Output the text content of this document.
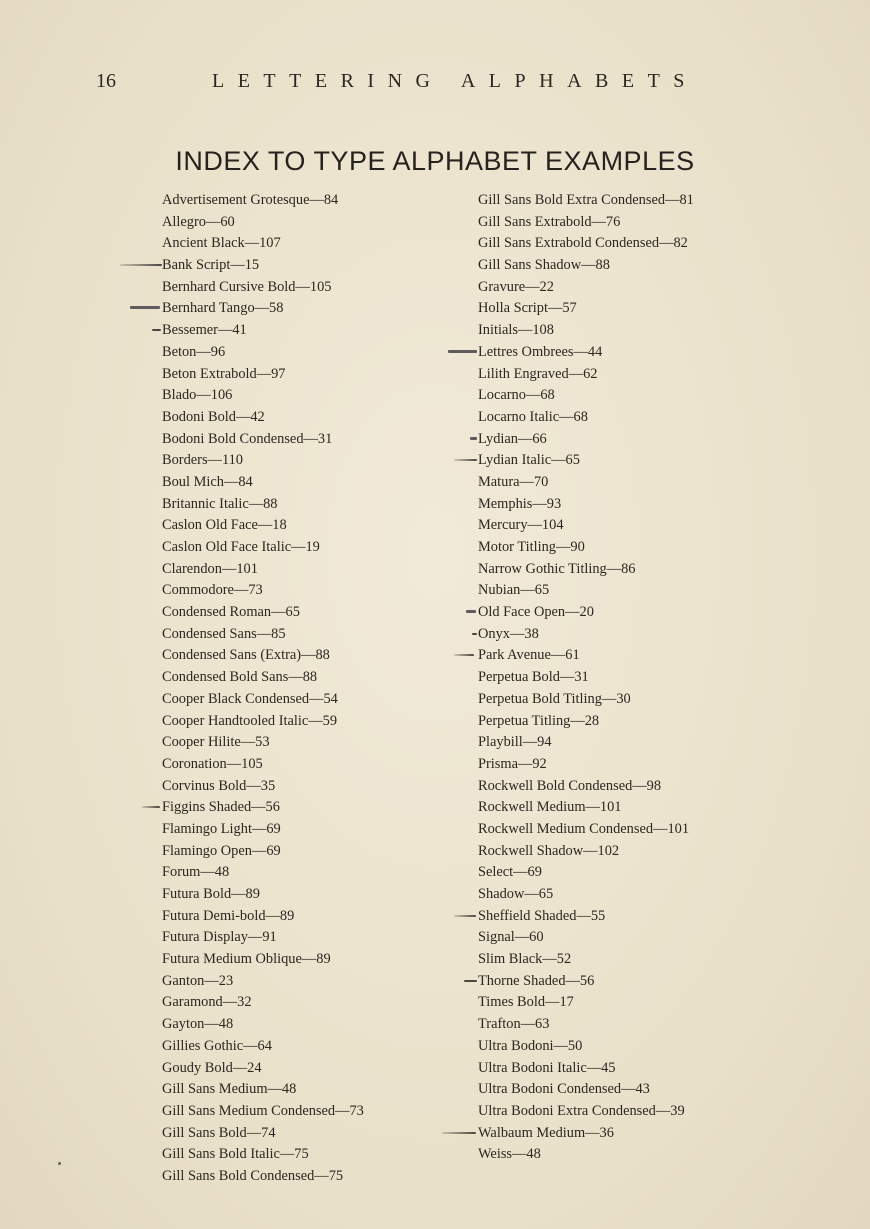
16	LETTERING ALPHABETS
INDEX TO TYPE ALPHABET EXAMPLES
Advertisement Grotesque—84
Allegro—60
Ancient Black—107
Bank Script—15
Bernhard Cursive Bold—105
Bernhard Tango—58
Bessemer—41
Beton—96
Beton Extrabold—97
Blado—106
Bodoni Bold—42
Bodoni Bold Condensed—31
Borders—110
Boul Mich—84
Britannic Italic—88
Caslon Old Face—18
Caslon Old Face Italic—19
Clarendon—101
Commodore—73
Condensed Roman—65
Condensed Sans—85
Condensed Sans (Extra)—88
Condensed Bold Sans—88
Cooper Black Condensed—54
Cooper Handtooled Italic—59
Cooper Hilite—53
Coronation—105
Corvinus Bold—35
Figgins Shaded—56
Flamingo Light—69
Flamingo Open—69
Forum—48
Futura Bold—89
Futura Demi-bold—89
Futura Display—91
Futura Medium Oblique—89
Ganton—23
Garamond—32
Gayton—48
Gillies Gothic—64
Goudy Bold—24
Gill Sans Medium—48
Gill Sans Medium Condensed—73
Gill Sans Bold—74
Gill Sans Bold Italic—75
Gill Sans Bold Condensed—75
Gill Sans Bold Extra Condensed—81
Gill Sans Extrabold—76
Gill Sans Extrabold Condensed—82
Gill Sans Shadow—88
Gravure—22
Holla Script—57
Initials—108
Lettres Ombrees—44
Lilith Engraved—62
Locarno—68
Locarno Italic—68
Lydian—66
Lydian Italic—65
Matura—70
Memphis—93
Mercury—104
Motor Titling—90
Narrow Gothic Titling—86
Nubian—65
Old Face Open—20
Onyx—38
Park Avenue—61
Perpetua Bold—31
Perpetua Bold Titling—30
Perpetua Titling—28
Playbill—94
Prisma—92
Rockwell Bold Condensed—98
Rockwell Medium—101
Rockwell Medium Condensed—101
Rockwell Shadow—102
Select—69
Shadow—65
Sheffield Shaded—55
Signal—60
Slim Black—52
Thorne Shaded—56
Times Bold—17
Trafton—63
Ultra Bodoni—50
Ultra Bodoni Italic—45
Ultra Bodoni Condensed—43
Ultra Bodoni Extra Condensed—39
Walbaum Medium—36
Weiss—48
